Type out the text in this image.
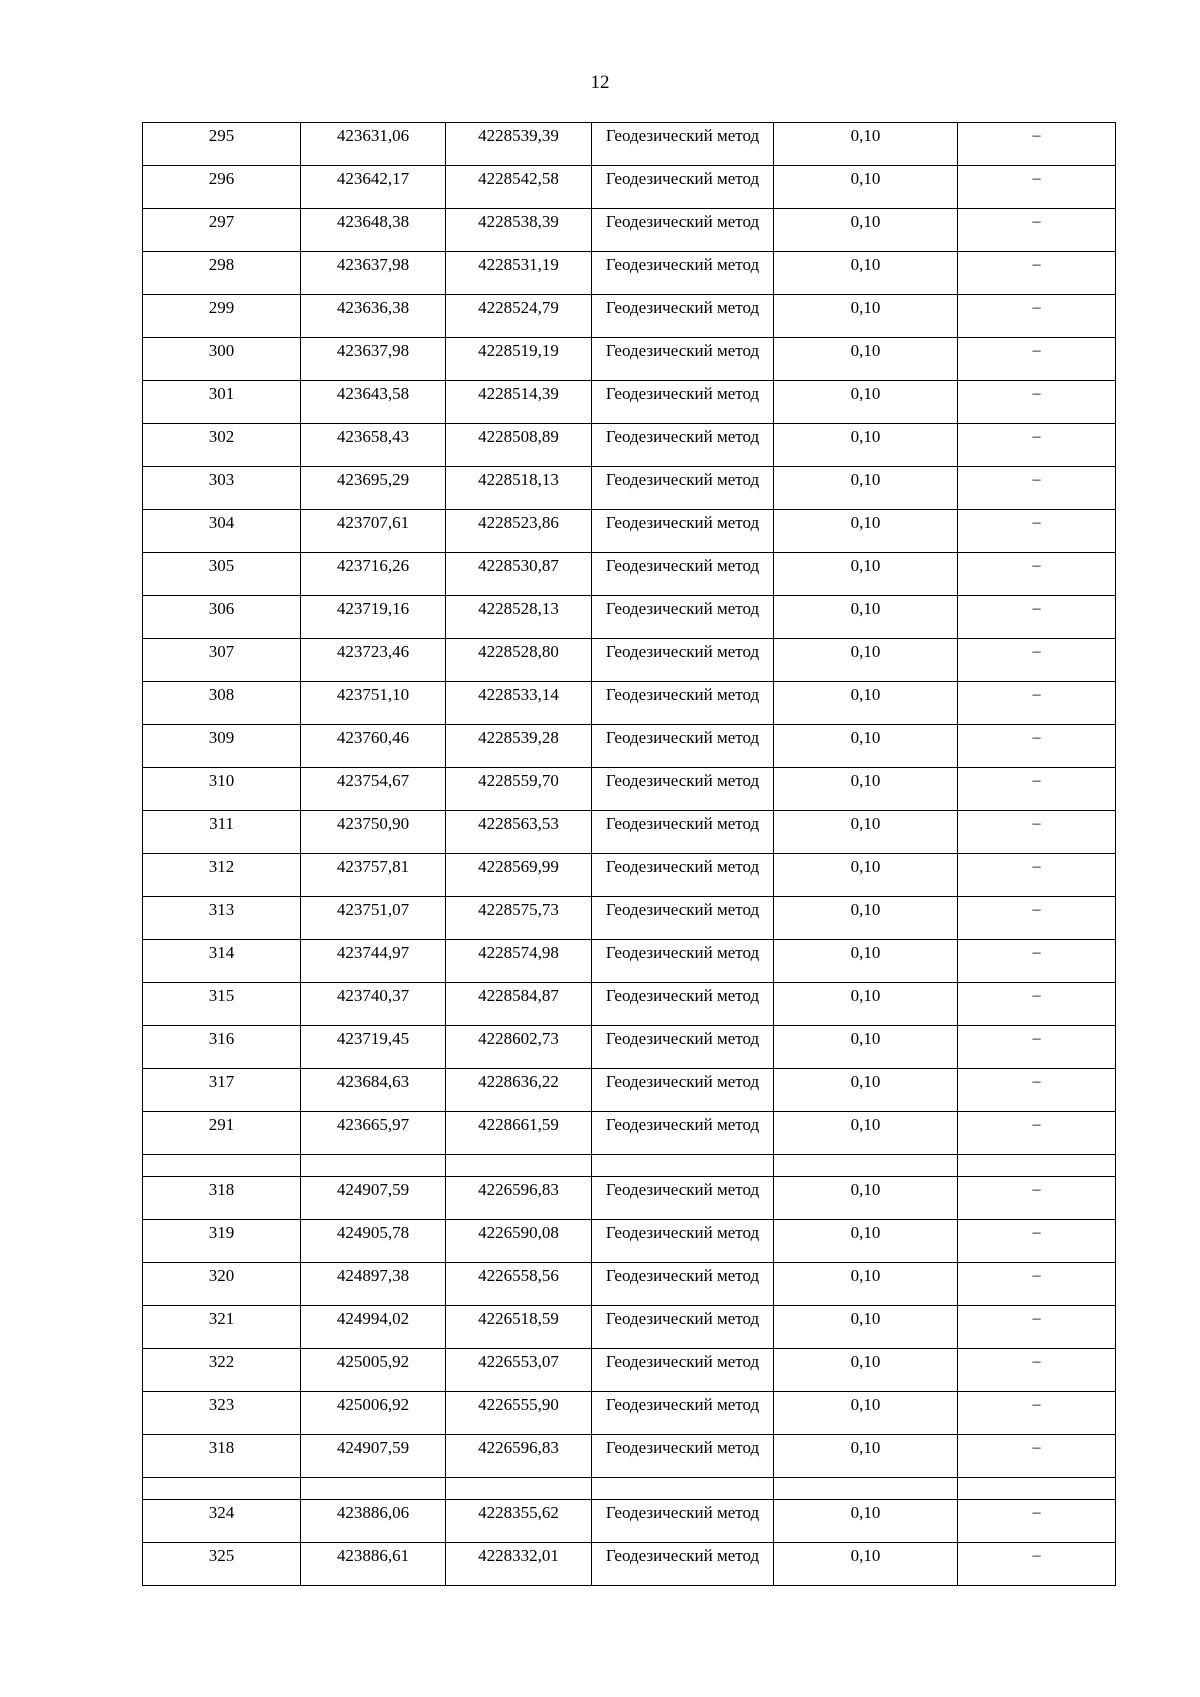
12
295	423631,06	4228539,39	Геодезический метод	0,10	–
296	423642,17	4228542,58	Геодезический метод	0,10	–
297	423648,38	4228538,39	Геодезический метод	0,10	–
298	423637,98	4228531,19	Геодезический метод	0,10	–
299	423636,38	4228524,79	Геодезический метод	0,10	–
300	423637,98	4228519,19	Геодезический метод	0,10	–
301	423643,58	4228514,39	Геодезический метод	0,10	–
302	423658,43	4228508,89	Геодезический метод	0,10	–
303	423695,29	4228518,13	Геодезический метод	0,10	–
304	423707,61	4228523,86	Геодезический метод	0,10	–
305	423716,26	4228530,87	Геодезический метод	0,10	–
306	423719,16	4228528,13	Геодезический метод	0,10	–
307	423723,46	4228528,80	Геодезический метод	0,10	–
308	423751,10	4228533,14	Геодезический метод	0,10	–
309	423760,46	4228539,28	Геодезический метод	0,10	–
310	423754,67	4228559,70	Геодезический метод	0,10	–
311	423750,90	4228563,53	Геодезический метод	0,10	–
312	423757,81	4228569,99	Геодезический метод	0,10	–
313	423751,07	4228575,73	Геодезический метод	0,10	–
314	423744,97	4228574,98	Геодезический метод	0,10	–
315	423740,37	4228584,87	Геодезический метод	0,10	–
316	423719,45	4228602,73	Геодезический метод	0,10	–
317	423684,63	4228636,22	Геодезический метод	0,10	–
291	423665,97	4228661,59	Геодезический метод	0,10	–

318	424907,59	4226596,83	Геодезический метод	0,10	–
319	424905,78	4226590,08	Геодезический метод	0,10	–
320	424897,38	4226558,56	Геодезический метод	0,10	–
321	424994,02	4226518,59	Геодезический метод	0,10	–
322	425005,92	4226553,07	Геодезический метод	0,10	–
323	425006,92	4226555,90	Геодезический метод	0,10	–
318	424907,59	4226596,83	Геодезический метод	0,10	–

324	423886,06	4228355,62	Геодезический метод	0,10	–
325	423886,61	4228332,01	Геодезический метод	0,10	–
